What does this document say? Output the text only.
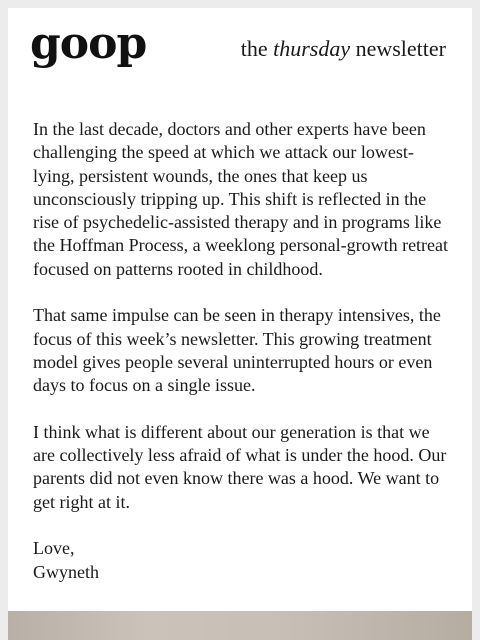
goop	the thursday newsletter

In the last decade, doctors and other experts have been challenging the speed at which we attack our lowest-lying, persistent wounds, the ones that keep us unconsciously tripping up. This shift is reflected in the rise of psychedelic-assisted therapy and in programs like the Hoffman Process, a weeklong personal-growth retreat focused on patterns rooted in childhood.

That same impulse can be seen in therapy intensives, the focus of this week’s newsletter. This growing treatment model gives people several uninterrupted hours or even days to focus on a single issue.

I think what is different about our generation is that we are collectively less afraid of what is under the hood. Our parents did not even know there was a hood. We want to get right at it.

Love,
Gwyneth
